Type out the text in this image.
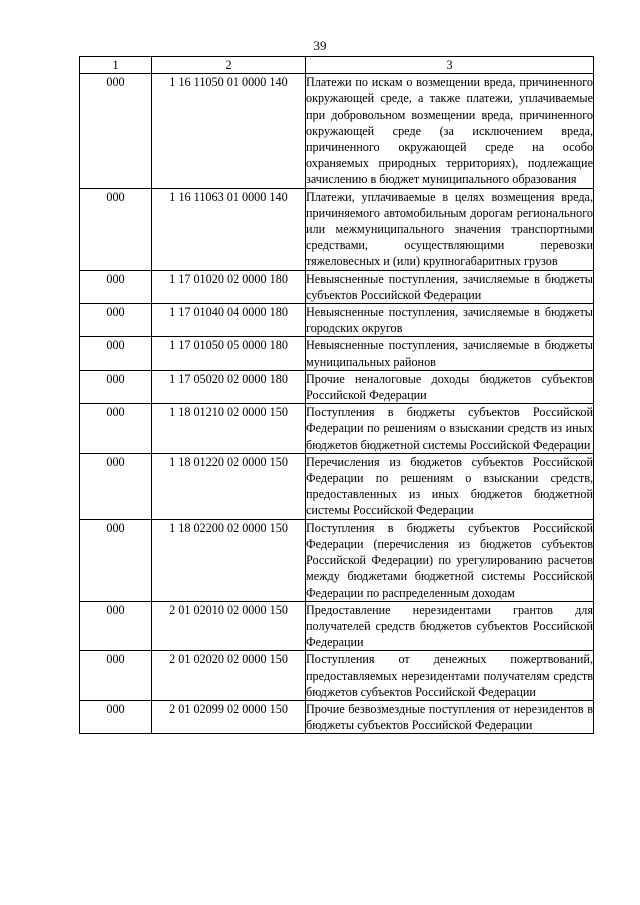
39
1	2	3
000	1 16 11050 01 0000 140	Платежи по искам о возмещении вреда, причиненного окружающей среде, а также платежи, уплачиваемые при добровольном возмещении вреда, причиненного окружающей среде (за исключением вреда, причиненного окружающей среде на особо охраняемых природных территориях), подлежащие зачислению в бюджет муниципального образования
000	1 16 11063 01 0000 140	Платежи, уплачиваемые в целях возмещения вреда, причиняемого автомобильным дорогам регионального или межмуниципального значения транспортными средствами, осуществляющими перевозки тяжеловесных и (или) крупногабаритных грузов
000	1 17 01020 02 0000 180	Невыясненные поступления, зачисляемые в бюджеты субъектов Российской Федерации
000	1 17 01040 04 0000 180	Невыясненные поступления, зачисляемые в бюджеты городских округов
000	1 17 01050 05 0000 180	Невыясненные поступления, зачисляемые в бюджеты муниципальных районов
000	1 17 05020 02 0000 180	Прочие неналоговые доходы бюджетов субъектов Российской Федерации
000	1 18 01210 02 0000 150	Поступления в бюджеты субъектов Российской Федерации по решениям о взыскании средств из иных бюджетов бюджетной системы Российской Федерации
000	1 18 01220 02 0000 150	Перечисления из бюджетов субъектов Российской Федерации по решениям о взыскании средств, предоставленных из иных бюджетов бюджетной системы Российской Федерации
000	1 18 02200 02 0000 150	Поступления в бюджеты субъектов Российской Федерации (перечисления из бюджетов субъектов Российской Федерации) по урегулированию расчетов между бюджетами бюджетной системы Российской Федерации по распределенным доходам
000	2 01 02010 02 0000 150	Предоставление нерезидентами грантов для получателей средств бюджетов субъектов Российской Федерации
000	2 01 02020 02 0000 150	Поступления от денежных пожертвований, предоставляемых нерезидентами получателям средств бюджетов субъектов Российской Федерации
000	2 01 02099 02 0000 150	Прочие безвозмездные поступления от нерезидентов в бюджеты субъектов Российской Федерации
